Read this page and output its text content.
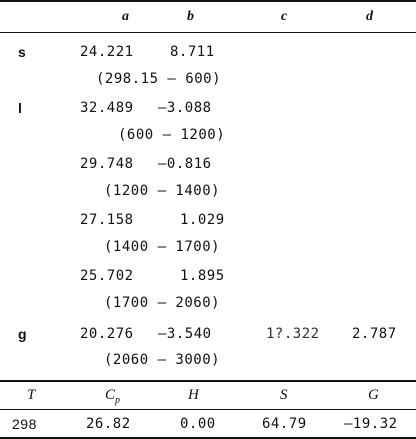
a	b	c	d
s	24.221	8.711
(298.15 — 600)
l	32.489 —3.088
(600 — 1200)
29.748 —0.816
(1200 — 1400)
27.158	1.029
(1400 — 1700)
25.702	1.895
(1700 — 2060)
g	20.276 —3.540	1?.322 2.787
(2060 — 3000)
T	$C_p$	H	S	G
298	26.82	0.00	64.79	—19.32
